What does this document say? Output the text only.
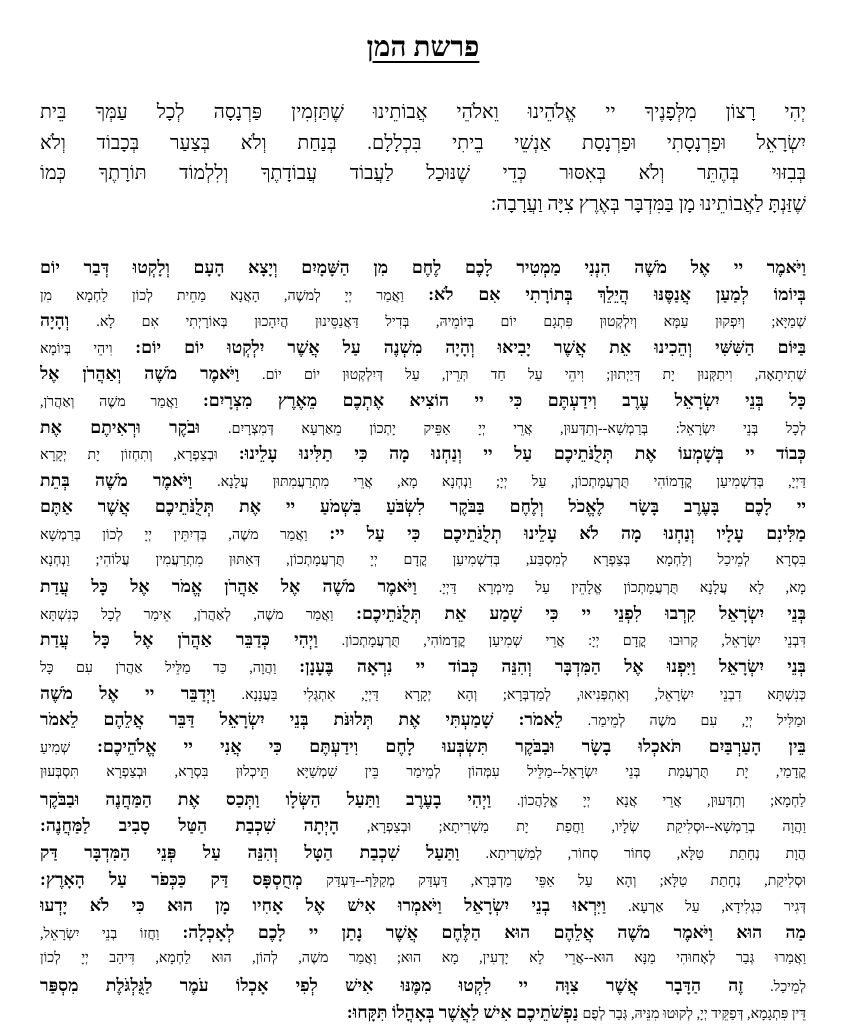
פרשת המן
יְהִי רָצוֹן מִלְּפָנֶיךָ יי אֱלֹהֵינוּ וֵאלֹהֵי אֲבוֹתֵינוּ שֶׁתַּזְמִין פַּרְנָסָה לְכָל עַמְּךָ בֵּית
יִשְׂרָאֵל וּפַרְנָסָתִי וּפַרְנָסַת אַנְשֵׁי בֵיתִי בִּכְלָלָם. בְּנַחַת וְלֹא בְּצַעַר בְּכָבוֹד וְלֹא
בְּבִזּוּי בְּהֶתֵּר וְלֹא בְּאִסּוּר כְּדֵי שֶׁנּוּכַל לַעֲבוֹד עֲבוֹדָתֶךָ וְלִלְמוֹד תּוֹרָתֶךָ כְּמוֹ
שֶׁזַּנְתָּ לַאֲבוֹתֵינוּ מָן בַּמִּדְבָּר בְּאֶרֶץ צִיָּה וַעֲרָבָה:
וַיֹּאמֶר יי אֶל מֹשֶׁה הִנְנִי מַמְטִיר לָכֶם לֶחֶם מִן הַשָּׁמָיִם וְיָצָא הָעָם וְלָקְטוּ דְּבַר יוֹם
בְּיוֹמוֹ לְמַעַן אֲנַסֶּנּוּ הֲיֵלֵךְ בְּתוֹרָתִי אִם לֹא: וַאֲמַר יְיָ לְמשֶׁה, הָאֲנָא מַחֵית לְכוֹן לַחְמָא מִן
שְׁמַיָּא; וְיִפְקוּן עַמָּא וְיִלְקְטוּן פִּתְגָם יוֹם בְּיוֹמֵיהּ, בְּדִיל דַּאֲנַסֵּינוּן הֲיִהָכוּן בְּאוֹרָיְתִי אִם לָא. וְהָיָה
בַּיּוֹם הַשִּׁשִּׁי וְהֵכִינוּ אֵת אֲשֶׁר יָבִיאוּ וְהָיָה מִשְׁנֶה עַל אֲשֶׁר יִלְקְטוּ יוֹם יוֹם: וִיהֵי בְּיוֹמָא
שְׁתִיתָאָה, וִיתַקְּנוּן יָת דְּיַיְתוּן; וִיהֵי עַל חַד תְּרֵין, עַל דְּיִלְקְטוּן יוֹם יוֹם. וַיֹּאמֶר מֹשֶׁה וְאַהֲרֹן אֶל
כָּל בְּנֵי יִשְׂרָאֵל עֶרֶב וִידַעְתֶּם כִּי יי הוֹצִיא אֶתְכֶם מֵאֶרֶץ מִצְרָיִם: וַאֲמַר משֶׁה וְאַהֲרֹן,
לְכָל בְּנֵי יִשְׂרָאֵל: בְּרַמְשָׁא--וְתִדְּעוּן, אֲרֵי יְיָ אַפֵּיק יָתְכוֹן מֵאַרְעָא דְּמִצְרָיִם. וּבֹקֶר וּרְאִיתֶם אֶת
כְּבוֹד יי בְּשָׁמְעוֹ אֶת תְּלֻנֹּתֵיכֶם עַל יי וְנַחְנוּ מָה כִּי תַלִּינוּ עָלֵינוּ: וּבְצַפְרָא, וְתִחְזוֹן יָת יְקָרָא
דַּיְיָ, בְּדִשְׁמִיעַן קֳדָמוֹהִי תֻּרְעֲמָתְכוֹן, עַל יְיָ; וַנְחְנָא מָא, אֲרֵי מִתְרַעֲמִתּוּן עֲלָנָא. וַיֹּאמֶר מֹשֶׁה בְּתֵת
יי לָכֶם בָּעֶרֶב בָּשָׂר לֶאֱכֹל וְלֶחֶם בַּבֹּקֶר לִשְׂבֹּעַ בִּשְׁמֹעַ יי אֶת תְּלֻנֹּתֵיכֶם אֲשֶׁר אַתֶּם
מַלִּינִם עָלָיו וְנַחְנוּ מָה לֹא עָלֵינוּ תְלֻנֹּתֵיכֶם כִּי עַל יי: וַאֲמַר משֶׁה, בְּדְיִתֵּין יְיָ לְכוֹן בְּרַמְשָׁא
בִּסְרָא לְמֵיכַל וְלַחְמָא בְּצַפְרָא לְמִסְבַּע, בְּדִשְׁמִיעַן קֳדָם יְיָ תֻּרְעֲמָתְכוֹן, דְּאַתּוּן מִתְרַעֲמִין עֲלוֹהִי; וַנְחְנָא
מָא, לָא עֲלָנָא תֻּרְעֲמָתְכוֹן אֱלָהֵין עַל מֵימְרָא דַּיְיָ. וַיֹּאמֶר מֹשֶׁה אֶל אַהֲרֹן אֱמֹר אֶל כָּל עֲדַת
בְּנֵי יִשְׂרָאֵל קִרְבוּ לִפְנֵי יי כִּי שָׁמַע אֵת תְּלֻנֹּתֵיכֶם: וַאֲמַר משֶׁה, לְאַהֲרֹן, אֵימַר לְכָל כְּנִשְׁתָּא
דִּבְנֵי יִשְׂרָאֵל, קְרוּבוּ קֳדָם יְיָ: אֲרֵי שְׁמִיעַן קֳדָמוֹהִי, תֻּרְעֲמָתְכוֹן. וַיְהִי כְּדַבֵּר אַהֲרֹן אֶל כָּל עֲדַת
בְּנֵי יִשְׂרָאֵל וַיִּפְנוּ אֶל הַמִּדְבָּר וְהִנֵּה כְּבוֹד יי נִרְאָה בֶּעָנָן: וַהֲוָה, כַּד מַלֵּיל אַהֲרֹן עִם כָּל
כְּנִשְׁתָּא דִבְנֵי יִשְׂרָאֵל, וְאִתְפְּנִיאוּ, לְמַדְבְּרָא; וְהָא יְקָרָא דַּיְיָ, אִתְגְּלִי בַּעֲנָנָא. וַיְדַבֵּר יי אֶל מֹשֶׁה
וּמַלִּיל יְיָ, עִם משֶׁה לְמֵימַר. לֵאמֹר: שָׁמַעְתִּי אֶת תְּלוּנֹּת בְּנֵי יִשְׂרָאֵל דַּבֵּר אֲלֵהֶם לֵאמֹר
בֵּין הָעַרְבַּיִם תֹּאכְלוּ בָשָׂר וּבַבֹּקֶר תִּשְׂבְּעוּ לָחֶם וִידַעְתֶּם כִּי אֲנִי יי אֱלֹהֵיכֶם: שְׁמִיעַ
קֳדָמַי, יָת תֻּרְעֲמַת בְּנֵי יִשְׂרָאֵל--מַלֵּיל עִמְּהוֹן לְמֵימַר בֵּין שִׁמְשַׁיָּא תֵּיכְלוּן בִּסְרָא, וּבְצַפְרָא תִּסְבְּעוּן
לַחְמָא; וְתִדְּעוּן, אֲרֵי אֲנָא יְיָ אֱלָהֲכוֹן. וַיְהִי בָעֶרֶב וַתַּעַל הַשְּׂלָו וַתְּכַס אֶת הַמַּחֲנֶה וּבַבֹּקֶר
וַהֲוָה בְרַמְשָׁא--וּסְלִיקַת שְׂלָיו, וַחֲפַת יָת מַשְׁרִיתָא; וּבְצַפְרָא, הָיְתָה שִׁכְבַת הַטַּל סָבִיב לַמַּחֲנֶה:
הֲוָת נְחָתַת טַלָּא, סְחוֹר סְחוֹר, לְמַשְׁרִיתָא. וַתַּעַל שִׁכְבַת הַטָּל וְהִנֵּה עַל פְּנֵי הַמִּדְבָּר דַּק
וּסְלִיקַת, נְחָתַת טַלָּא; וְהָא עַל אַפֵּי מַדְבְּרָא, דַּעְדַּק מְקַלַּף--דַּעְדַּק מְחֻסְפָּס דַּק כַּכְּפֹר עַל הָאָרֶץ:
דְּגִיר כִּגְלִידָא, עַל אַרְעָא. וַיִּרְאוּ בְנֵי יִשְׂרָאֵל וַיֹּאמְרוּ אִישׁ אֶל אָחִיו מָן הוּא כִּי לֹא יָדְעוּ
מַה הוּא וַיֹּאמֶר מֹשֶׁה אֲלֵהֶם הוּא הַלֶּחֶם אֲשֶׁר נָתַן יי לָכֶם לְאָכְלָה: וַחֲזוֹ בְנֵי יִשְׂרָאֵל,
וַאֲמַרוּ גְּבַר לְאָחוּהִי מַנָּא הוּא--אֲרֵי לָא יָדְעִין, מָא הוּא; וַאֲמַר משֶׁה, לְהוֹן, הוּא לַחְמָא, דִּיהַב יְיָ לְכוֹן
לְמֵיכַל. זֶה הַדָּבָר אֲשֶׁר צִוָּה יי לִקְטוּ מִמֶּנּוּ אִישׁ לְפִי אָכְלוֹ עֹמֶר לַגֻּלְגֹּלֶת מִסְפַּר
דֵּין פִּתְגָמָא, דְּפַקֵּיד יְיָ, לְקוּטוּ מִנֵּיהּ, גְּבַר לְפֻם נַפְשֹׁתֵיכֶם אִישׁ לַאֲשֶׁר בְּאָהֳלוֹ תִּקָּחוּ:
